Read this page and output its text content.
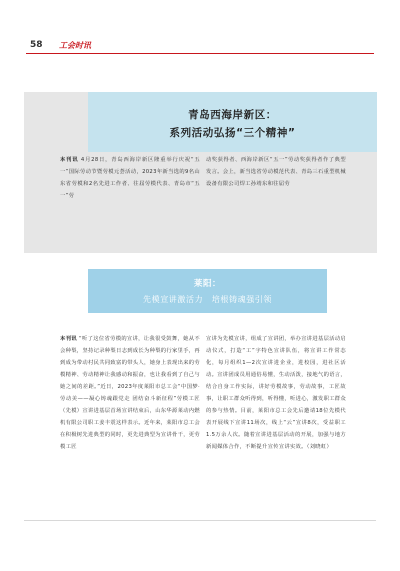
58 工会时讯
青岛西海岸新区：
系列活动弘扬“三个精神”
本刊讯 4月28日，青岛西海岸新区隆重举行庆祝“五一”国际劳动节暨劳模元荟活动，2023年新当选的9名山东省劳模和2名先进工作者、往届劳模代表、青岛市“五一”劳
动奖获得者、西海岸新区“五一”劳动奖获得者作了典型发言。会上，新当选省劳动模范代表、青岛三石重型机械设备有限公司焊工孙靖东和往届劳
莱阳：
先模宣讲激活力　培根铸魂强引领
本刊讯 “听了这位省劳模的宣讲，让我很受鼓舞，她从不会种梨，坚持记录种梨日志到成长为种梨的行家里手，再到成为带动村民共同致富的带头人，她身上表现出来的劳模精神、劳动精神让我感动和振奋，也让我看到了自己与她之间的差距。”近日，2023年度莱阳市总工会“中国梦·劳动美——凝心铸魂跟党走 团结奋斗新征程”劳模工匠（先模）宣讲进基层首场宣讲结束后，山东华源莱动内燃机有限公司职工姜丰震这样表示。近年来，莱阳市总工会在积极树先进典型的同时，更先进典型为宣讲骨干，更劳模工匠
宣讲为先模宣讲，组成了宣讲团，举办宣讲进基层活动启动仪式，打造“工”字特色宣讲队伍，将宣讲工作常态化，每月组织1—2次宣讲进企业，进校园，进社区活动。宣讲团成员用通俗易懂，生动活泼，接地气的语言，结合自身工作实际，讲好劳模故事，劳动故事，工匠故事，让职工群众听得到，听得懂，听进心，激发职工群众的参与热情。目前，莱阳市总工会先后邀请18位先模代表开展线下宣讲11场次，线上“云”宣讲8次，受益职工1.5万余人次。随着宣讲进基层活动的开展，加强与地方新闻媒体合作，不断提升宣传宣讲实效。（刘晓虹）
